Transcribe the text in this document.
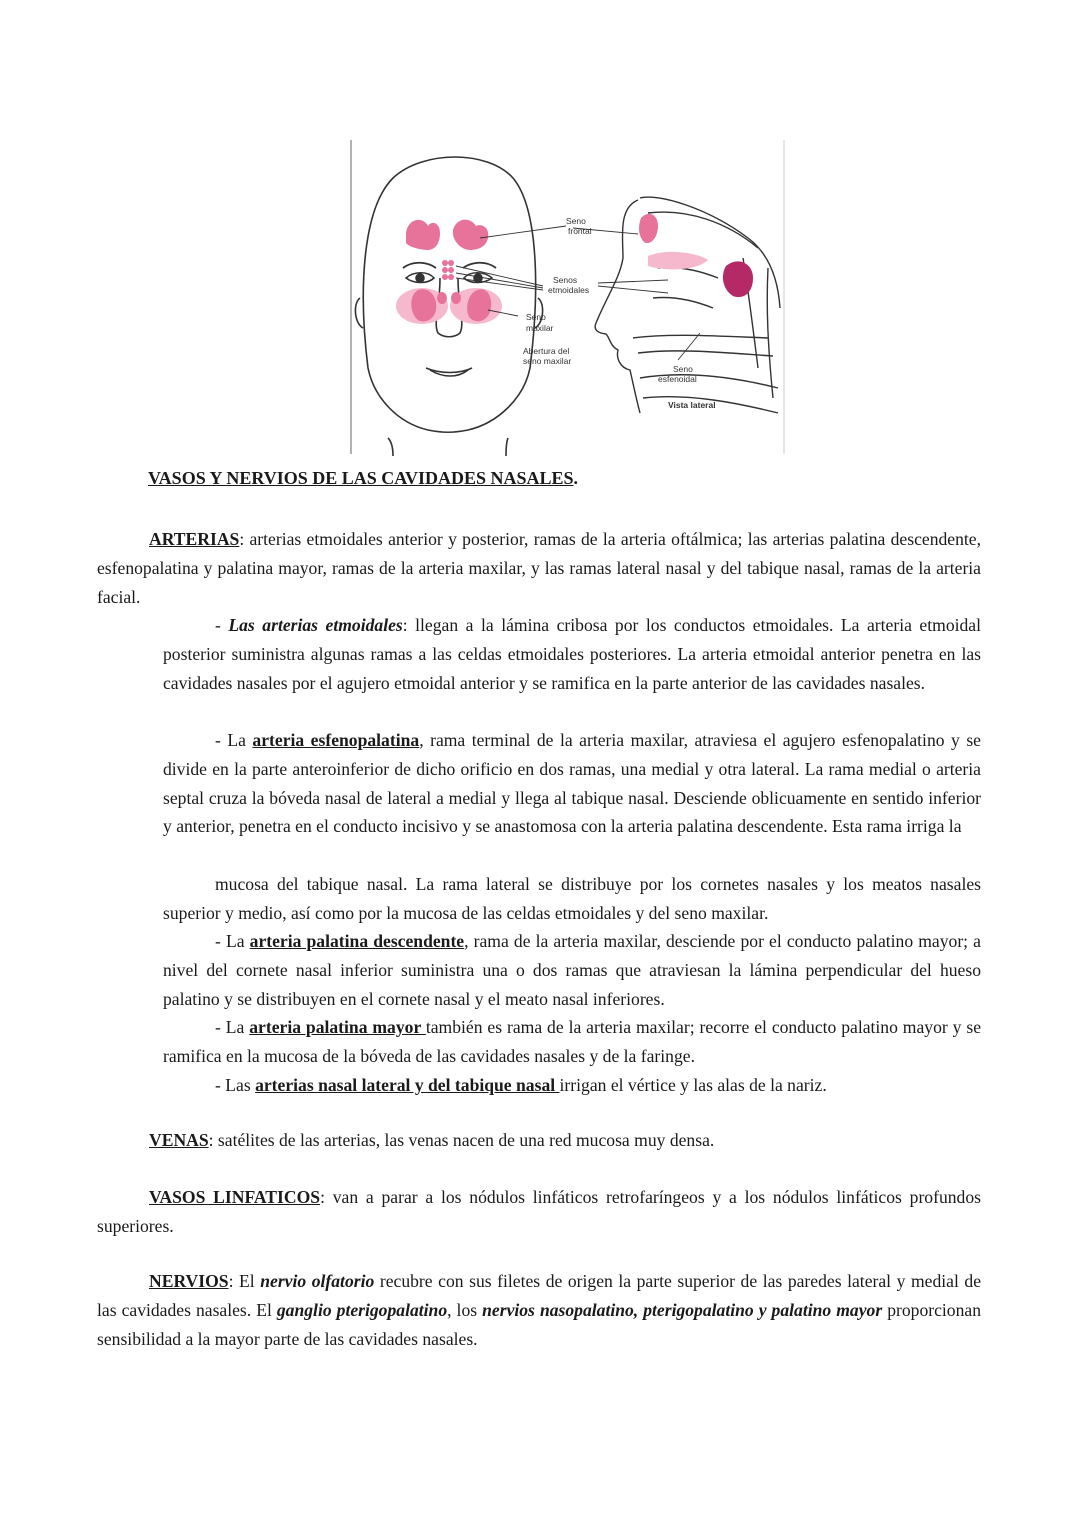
Seno
frontal
Senos
etmoidales
Seno
maxilar
Abertura del
seno maxilar
Seno
esfenoidal
Vista lateral

VASOS Y NERVIOS DE LAS CAVIDADES NASALES.

ARTERIAS: arterias etmoidales anterior y posterior, ramas de la arteria oftálmica; las arterias palatina descendente, esfenopalatina y palatina mayor, ramas de la arteria maxilar, y las ramas lateral nasal y del tabique nasal, ramas de la arteria facial.

- Las arterias etmoidales: llegan a la lámina cribosa por los conductos etmoidales. La arteria etmoidal posterior suministra algunas ramas a las celdas etmoidales posteriores. La arteria etmoidal anterior penetra en las cavidades nasales por el agujero etmoidal anterior y se ramifica en la parte anterior de las cavidades nasales.

- La arteria esfenopalatina, rama terminal de la arteria maxilar, atraviesa el agujero esfenopalatino y se divide en la parte anteroinferior de dicho orificio en dos ramas, una medial y otra lateral. La rama medial o arteria septal cruza la bóveda nasal de lateral a medial y llega al tabique nasal. Desciende oblicuamente en sentido inferior y anterior, penetra en el conducto incisivo y se anastomosa con la arteria palatina descendente. Esta rama irriga la

mucosa del tabique nasal. La rama lateral se distribuye por los cornetes nasales y los meatos nasales superior y medio, así como por la mucosa de las celdas etmoidales y del seno maxilar.

- La arteria palatina descendente, rama de la arteria maxilar, desciende por el conducto palatino mayor; a nivel del cornete nasal inferior suministra una o dos ramas que atraviesan la lámina perpendicular del hueso palatino y se distribuyen en el cornete nasal y el meato nasal inferiores.

- La arteria palatina mayor también es rama de la arteria maxilar; recorre el conducto palatino mayor y se ramifica en la mucosa de la bóveda de las cavidades nasales y de la faringe.

- Las arterias nasal lateral y del tabique nasal irrigan el vértice y las alas de la nariz.

VENAS: satélites de las arterias, las venas nacen de una red mucosa muy densa.

VASOS LINFATICOS: van a parar a los nódulos linfáticos retrofaríngeos y a los nódulos linfáticos profundos superiores.

NERVIOS: El nervio olfatorio recubre con sus filetes de origen la parte superior de las paredes lateral y medial de las cavidades nasales. El ganglio pterigopalatino, los nervios nasopalatino, pterigopalatino y palatino mayor proporcionan sensibilidad a la mayor parte de las cavidades nasales.
